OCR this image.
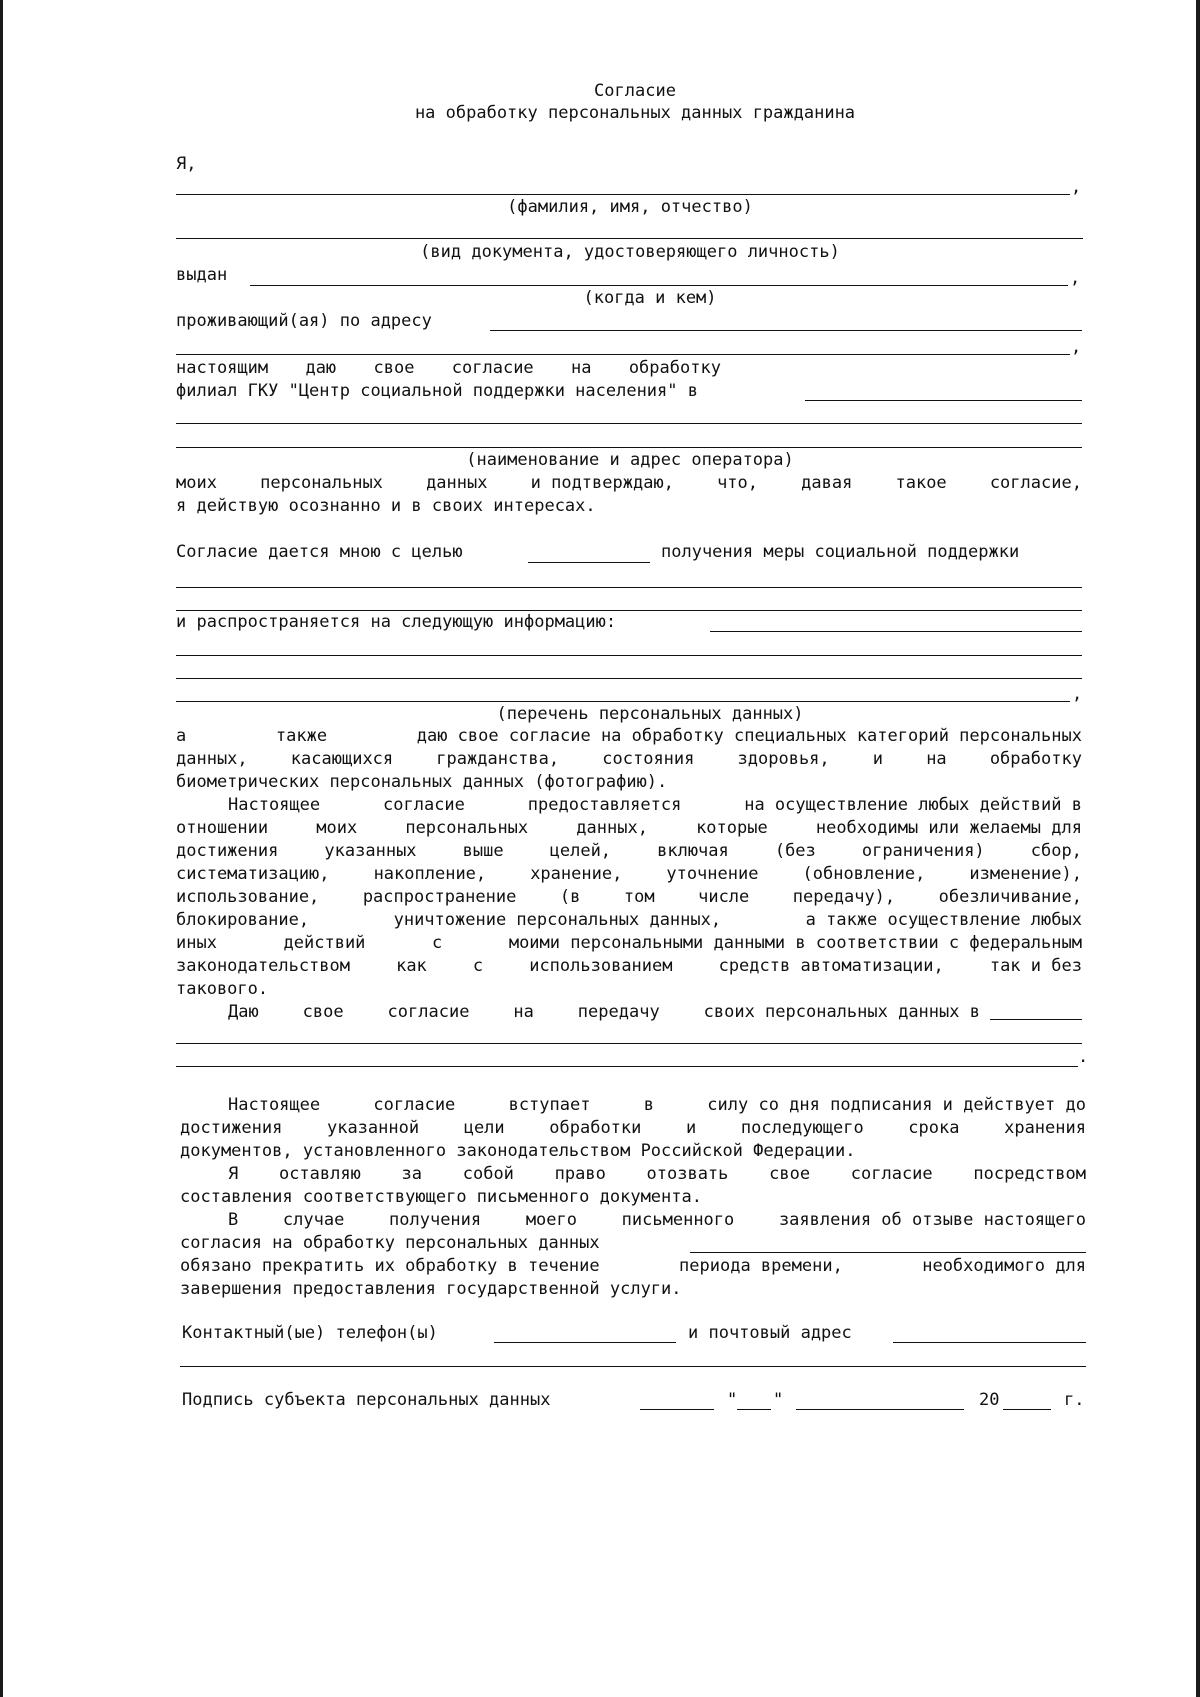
Согласие
на обработку персональных данных гражданина
Я,
,
(фамилия, имя, отчество)
(вид документа, удостоверяющего личность)
выдан	,
(когда и кем)
проживающий(ая) по адресу
,
настоящим даю свое согласие на обработку
филиал ГКУ "Центр социальной поддержки населения" в
(наименование и адрес оператора)
моих	персональных	данных	и подтверждаю,	что,	давая	такое	согласие,
я действую осознанно и в своих интересах.
Согласие дается мною с целью	получения меры социальной поддержки
и распространяется на следующую информацию:
,
(перечень персональных данных)
а	также	даю свое согласие на обработку специальных категорий персональных
данных,	касающихся	гражданства,	состояния	здоровья,	и	на	обработку
биометрических персональных данных (фотографию).
Настоящее	согласие	предоставляется	на осуществление любых действий в
отношении	моих	персональных	данных,	которые	необходимы или желаемы для
достижения	указанных	выше	целей,	включая	(без	ограничения)	сбор,
систематизацию,	накопление,	хранение,	уточнение	(обновление,	изменение),
использование,	распространение	(в	том	числе	передачу),	обезличивание,
блокирование,	уничтожение персональных данных,	а также осуществление любых
иных	действий	с	моими персональными данными в соответствии с федеральным
законодательством	как	с	использованием	средств автоматизации,	так и без
такового.
Даю	свое	согласие	на	передачу	своих персональных данных в
.
Настоящее	согласие	вступает	в	силу со дня подписания и действует до
достижения	указанной	цели	обработки	и	последующего	срока	хранения
документов, установленного законодательством Российской Федерации.
Я оставляю за собой право отозвать свое согласие посредством
составления соответствующего письменного документа.
В	случае	получения	моего	письменного	заявления об отзыве настоящего
согласия на обработку персональных данных
обязано прекратить их обработку в течение	периода времени,	необходимого для
завершения предоставления государственной услуги.
Контактный(ые) телефон(ы)	и почтовый адрес
Подпись субъекта персональных данных	" "	20	г.
